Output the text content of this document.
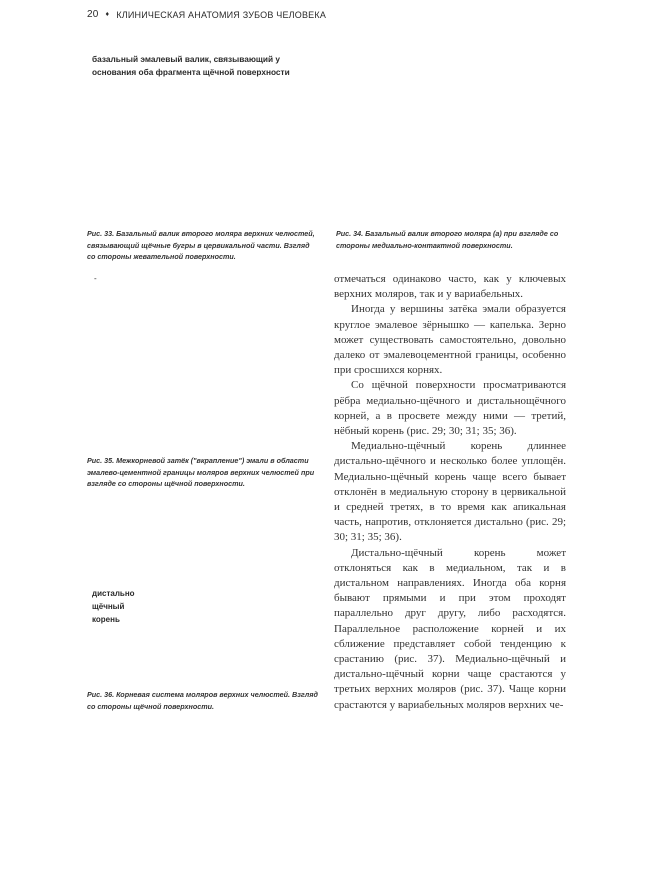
20 ♦ КЛИНИЧЕСКАЯ АНАТОМИЯ ЗУБОВ ЧЕЛОВЕКА
базальный эмалевый валик, связывающий у
основания оба фрагмента щёчной поверхности
Рис. 33. Базальный валик второго моляра верхних челюстей, связывающий щёчные бугры в цервикальной части. Взгляд со стороны жевательной поверхности.
Рис. 34. Базальный валик второго моляра (а) при взгляде со стороны медиально-контактной поверхности.
-
Рис. 35. Межкорневой затёк ("вкрапление") эмали в области эмалево-цементной границы моляров верхних челюстей при взгляде со стороны щёчной поверхности.
дистально
щёчный
корень
Рис. 36. Корневая система моляров верхних челюстей. Взгляд со стороны щёчной поверхности.

отмечаться одинаково часто, как у ключевых верхних моляров, так и у вариабельных.

Иногда у вершины затёка эмали образуется круглое эмалевое зёрнышко — капелька. Зерно может существовать самостоятельно, довольно далеко от эмалевоцементной границы, особенно при сросшихся корнях.

Со щёчной поверхности просматриваются рёбра медиально-щёчного и дистальнощёчного корней, а в просвете между ними — третий, нёбный корень (рис. 29; 30; 31; 35; 36).

Медиально-щёчный корень длиннее дистально-щёчного и несколько более уплощён. Медиально-щёчный корень чаще всего бывает отклонён в медиальную сторону в цервикальной и средней третях, в то время как апикальная часть, напротив, отклоняется дистально (рис. 29; 30; 31; 35; 36).

Дистально-щёчный корень может отклоняться как в медиальном, так и в дистальном направлениях. Иногда оба корня бывают прямыми и при этом проходят параллельно друг другу, либо расходятся. Параллельное расположение корней и их сближение представляет собой тенденцию к срастанию (рис. 37). Медиально-щёчный и дистально-щёчный корни чаще срастаются у третьих верхних моляров (рис. 37). Чаще корни срастаются у вариабельных моляров верхних че-
